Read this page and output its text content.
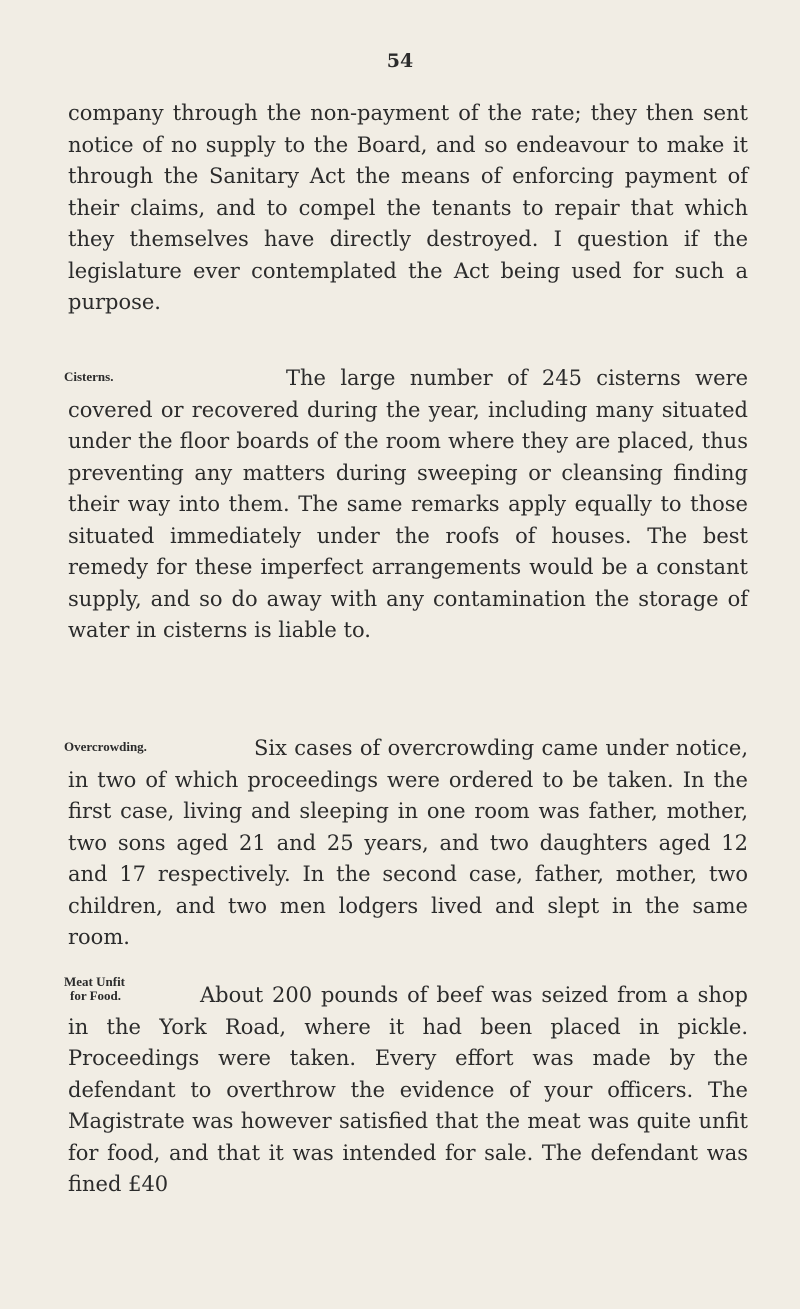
54

company through the non-payment of the rate; they then sent notice of no supply to the Board, and so endeavour to make it through the Sanitary Act the means of enforcing payment of their claims, and to compel the tenants to repair that which they themselves have directly destroyed. I question if the legislature ever contemplated the Act being used for such a purpose.

Cisterns.	The large number of 245 cisterns were covered or recovered during the year, including many situated under the floor boards of the room where they are placed, thus preventing any matters during sweeping or cleansing finding their way into them. The same remarks apply equally to those situated immediately under the roofs of houses. The best remedy for these imperfect arrangements would be a constant supply, and so do away with any contamination the storage of water in cisterns is liable to.

Overcrowding.	Six cases of overcrowding came under notice, in two of which proceedings were ordered to be taken. In the first case, living and sleeping in one room was father, mother, two sons aged 21 and 25 years, and two daughters aged 12 and 17 respectively. In the second case, father, mother, two children, and two men lodgers lived and slept in the same room.

Meat Unfit
for Food.	About 200 pounds of beef was seized from a shop in the York Road, where it had been placed in pickle. Proceedings were taken. Every effort was made by the defendant to overthrow the evidence of your officers. The Magistrate was however satisfied that the meat was quite unfit for food, and that it was intended for sale. The defendant was fined £40
